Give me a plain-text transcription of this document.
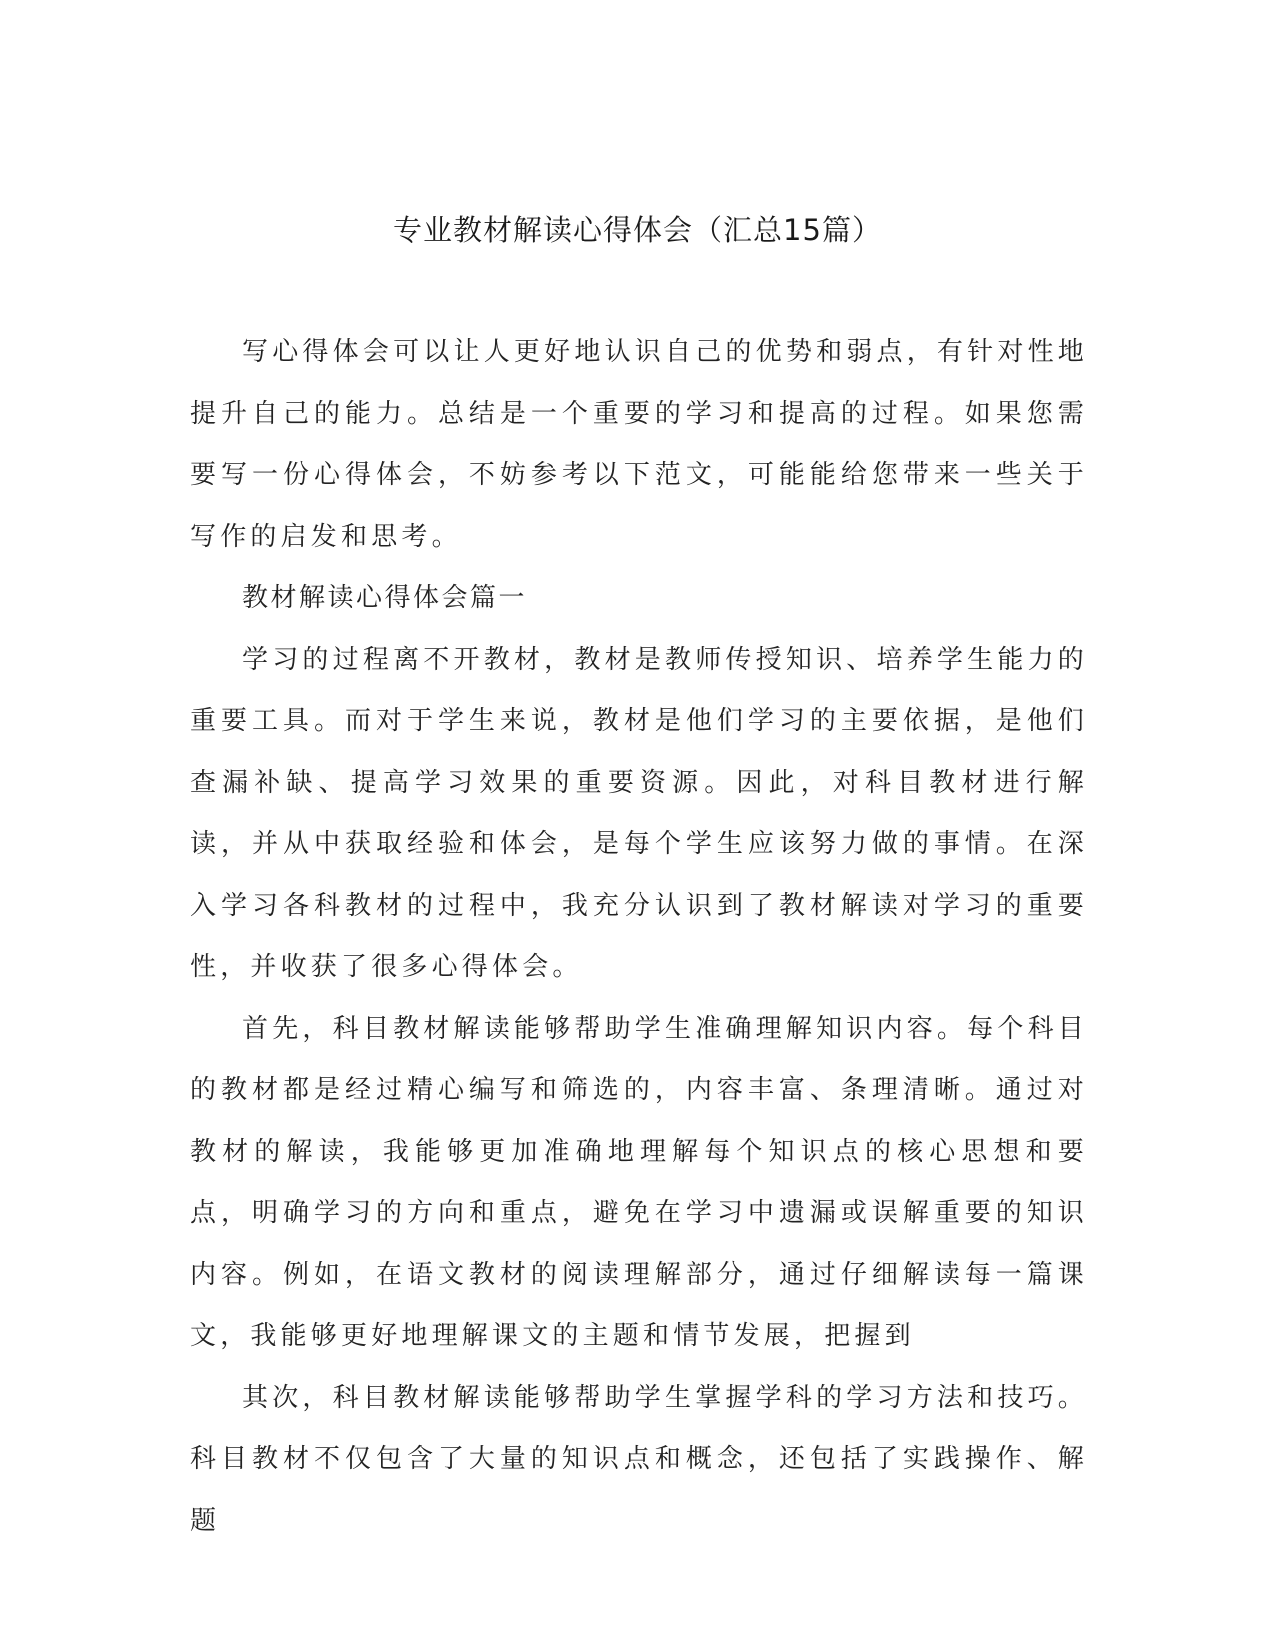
专业教材解读心得体会（汇总15篇）

写心得体会可以让人更好地认识自己的优势和弱点，有针对性地提升自己的能力。总结是一个重要的学习和提高的过程。如果您需要写一份心得体会，不妨参考以下范文，可能能给您带来一些关于写作的启发和思考。

教材解读心得体会篇一

学习的过程离不开教材，教材是教师传授知识、培养学生能力的重要工具。而对于学生来说，教材是他们学习的主要依据，是他们查漏补缺、提高学习效果的重要资源。因此，对科目教材进行解读，并从中获取经验和体会，是每个学生应该努力做的事情。在深入学习各科教材的过程中，我充分认识到了教材解读对学习的重要性，并收获了很多心得体会。

首先，科目教材解读能够帮助学生准确理解知识内容。每个科目的教材都是经过精心编写和筛选的，内容丰富、条理清晰。通过对教材的解读，我能够更加准确地理解每个知识点的核心思想和要点，明确学习的方向和重点，避免在学习中遗漏或误解重要的知识内容。例如，在语文教材的阅读理解部分，通过仔细解读每一篇课文，我能够更好地理解课文的主题和情节发展，把握到

其次，科目教材解读能够帮助学生掌握学科的学习方法和技巧。科目教材不仅包含了大量的知识点和概念，还包括了实践操作、解题
